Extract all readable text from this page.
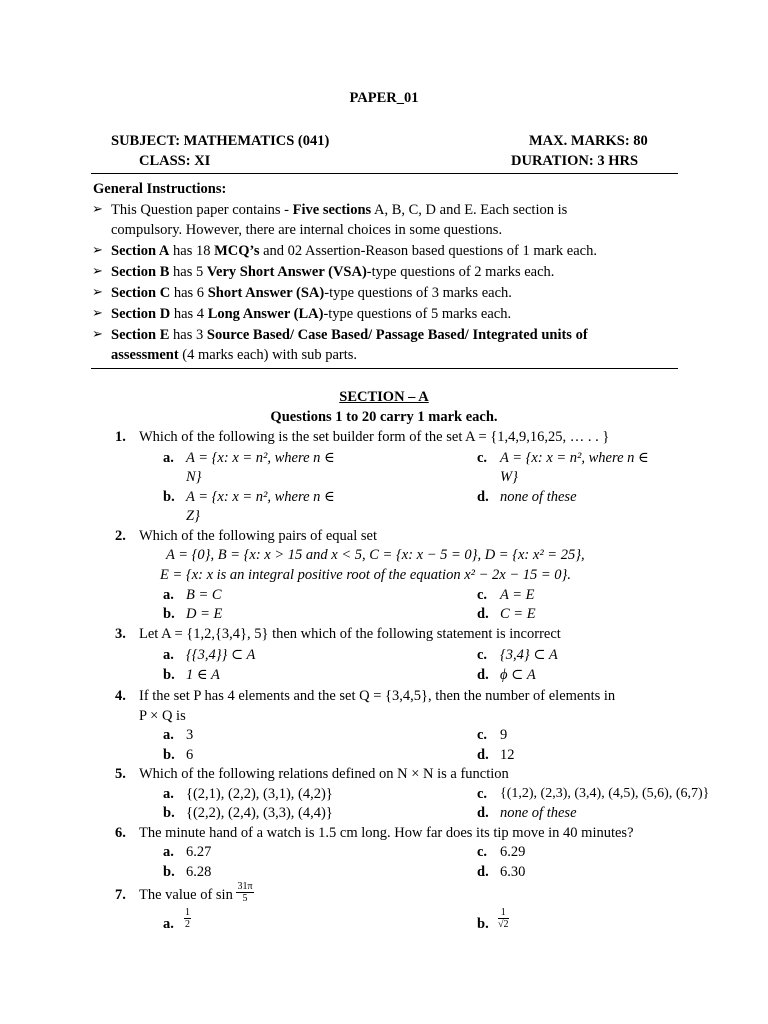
PAPER_01
SUBJECT: MATHEMATICS (041)
CLASS: XI
MAX. MARKS: 80
DURATION: 3 HRS
General Instructions:
➢ This Question paper contains - Five sections A, B, C, D and E. Each section is
compulsory. However, there are internal choices in some questions.
➢ Section A has 18 MCQ’s and 02 Assertion-Reason based questions of 1 mark each.
➢ Section B has 5 Very Short Answer (VSA)-type questions of 2 marks each.
➢ Section C has 6 Short Answer (SA)-type questions of 3 marks each.
➢ Section D has 4 Long Answer (LA)-type questions of 5 marks each.
➢ Section E has 3 Source Based/ Case Based/ Passage Based/ Integrated units of
assessment (4 marks each) with sub parts.
SECTION – A
Questions 1 to 20 carry 1 mark each.
1. Which of the following is the set builder form of the set A = {1,4,9,16,25, … . . }
a. A = {x: x = n², where n ∈
N}
b. A = {x: x = n², where n ∈
Z}
c. A = {x: x = n², where n ∈
W}
d. none of these
2. Which of the following pairs of equal set
A = {0}, B = {x: x > 15 and x < 5, C = {x: x − 5 = 0}, D = {x: x² = 25},
E = {x: x is an integral positive root of the equation x² − 2x − 15 = 0}.
a. B = C
b. D = E
c. A = E
d. C = E
3. Let A = {1,2,{3,4}, 5} then which of the following statement is incorrect
a. {{3,4}} ⊂ A
b. 1 ∈ A
c. {3,4} ⊂ A
d. ϕ ⊂ A
4. If the set P has 4 elements and the set Q = {3,4,5}, then the number of elements in
P × Q is
a. 3
b. 6
c. 9
d. 12
5. Which of the following relations defined on N × N is a function
a. {(2,1), (2,2), (3,1), (4,2)}
b. {(2,2), (2,4), (3,3), (4,4)}
c. {(1,2), (2,3), (3,4), (4,5), (5,6), (6,7)}
d. none of these
6. The minute hand of a watch is 1.5 cm long. How far does its tip move in 40 minutes?
a. 6.27
b. 6.28
c. 6.29
d. 6.30
7. The value of $\sin \frac{31\pi}{5}$
a. $\frac{1}{2}$	b. $\frac{1}{√2}$
